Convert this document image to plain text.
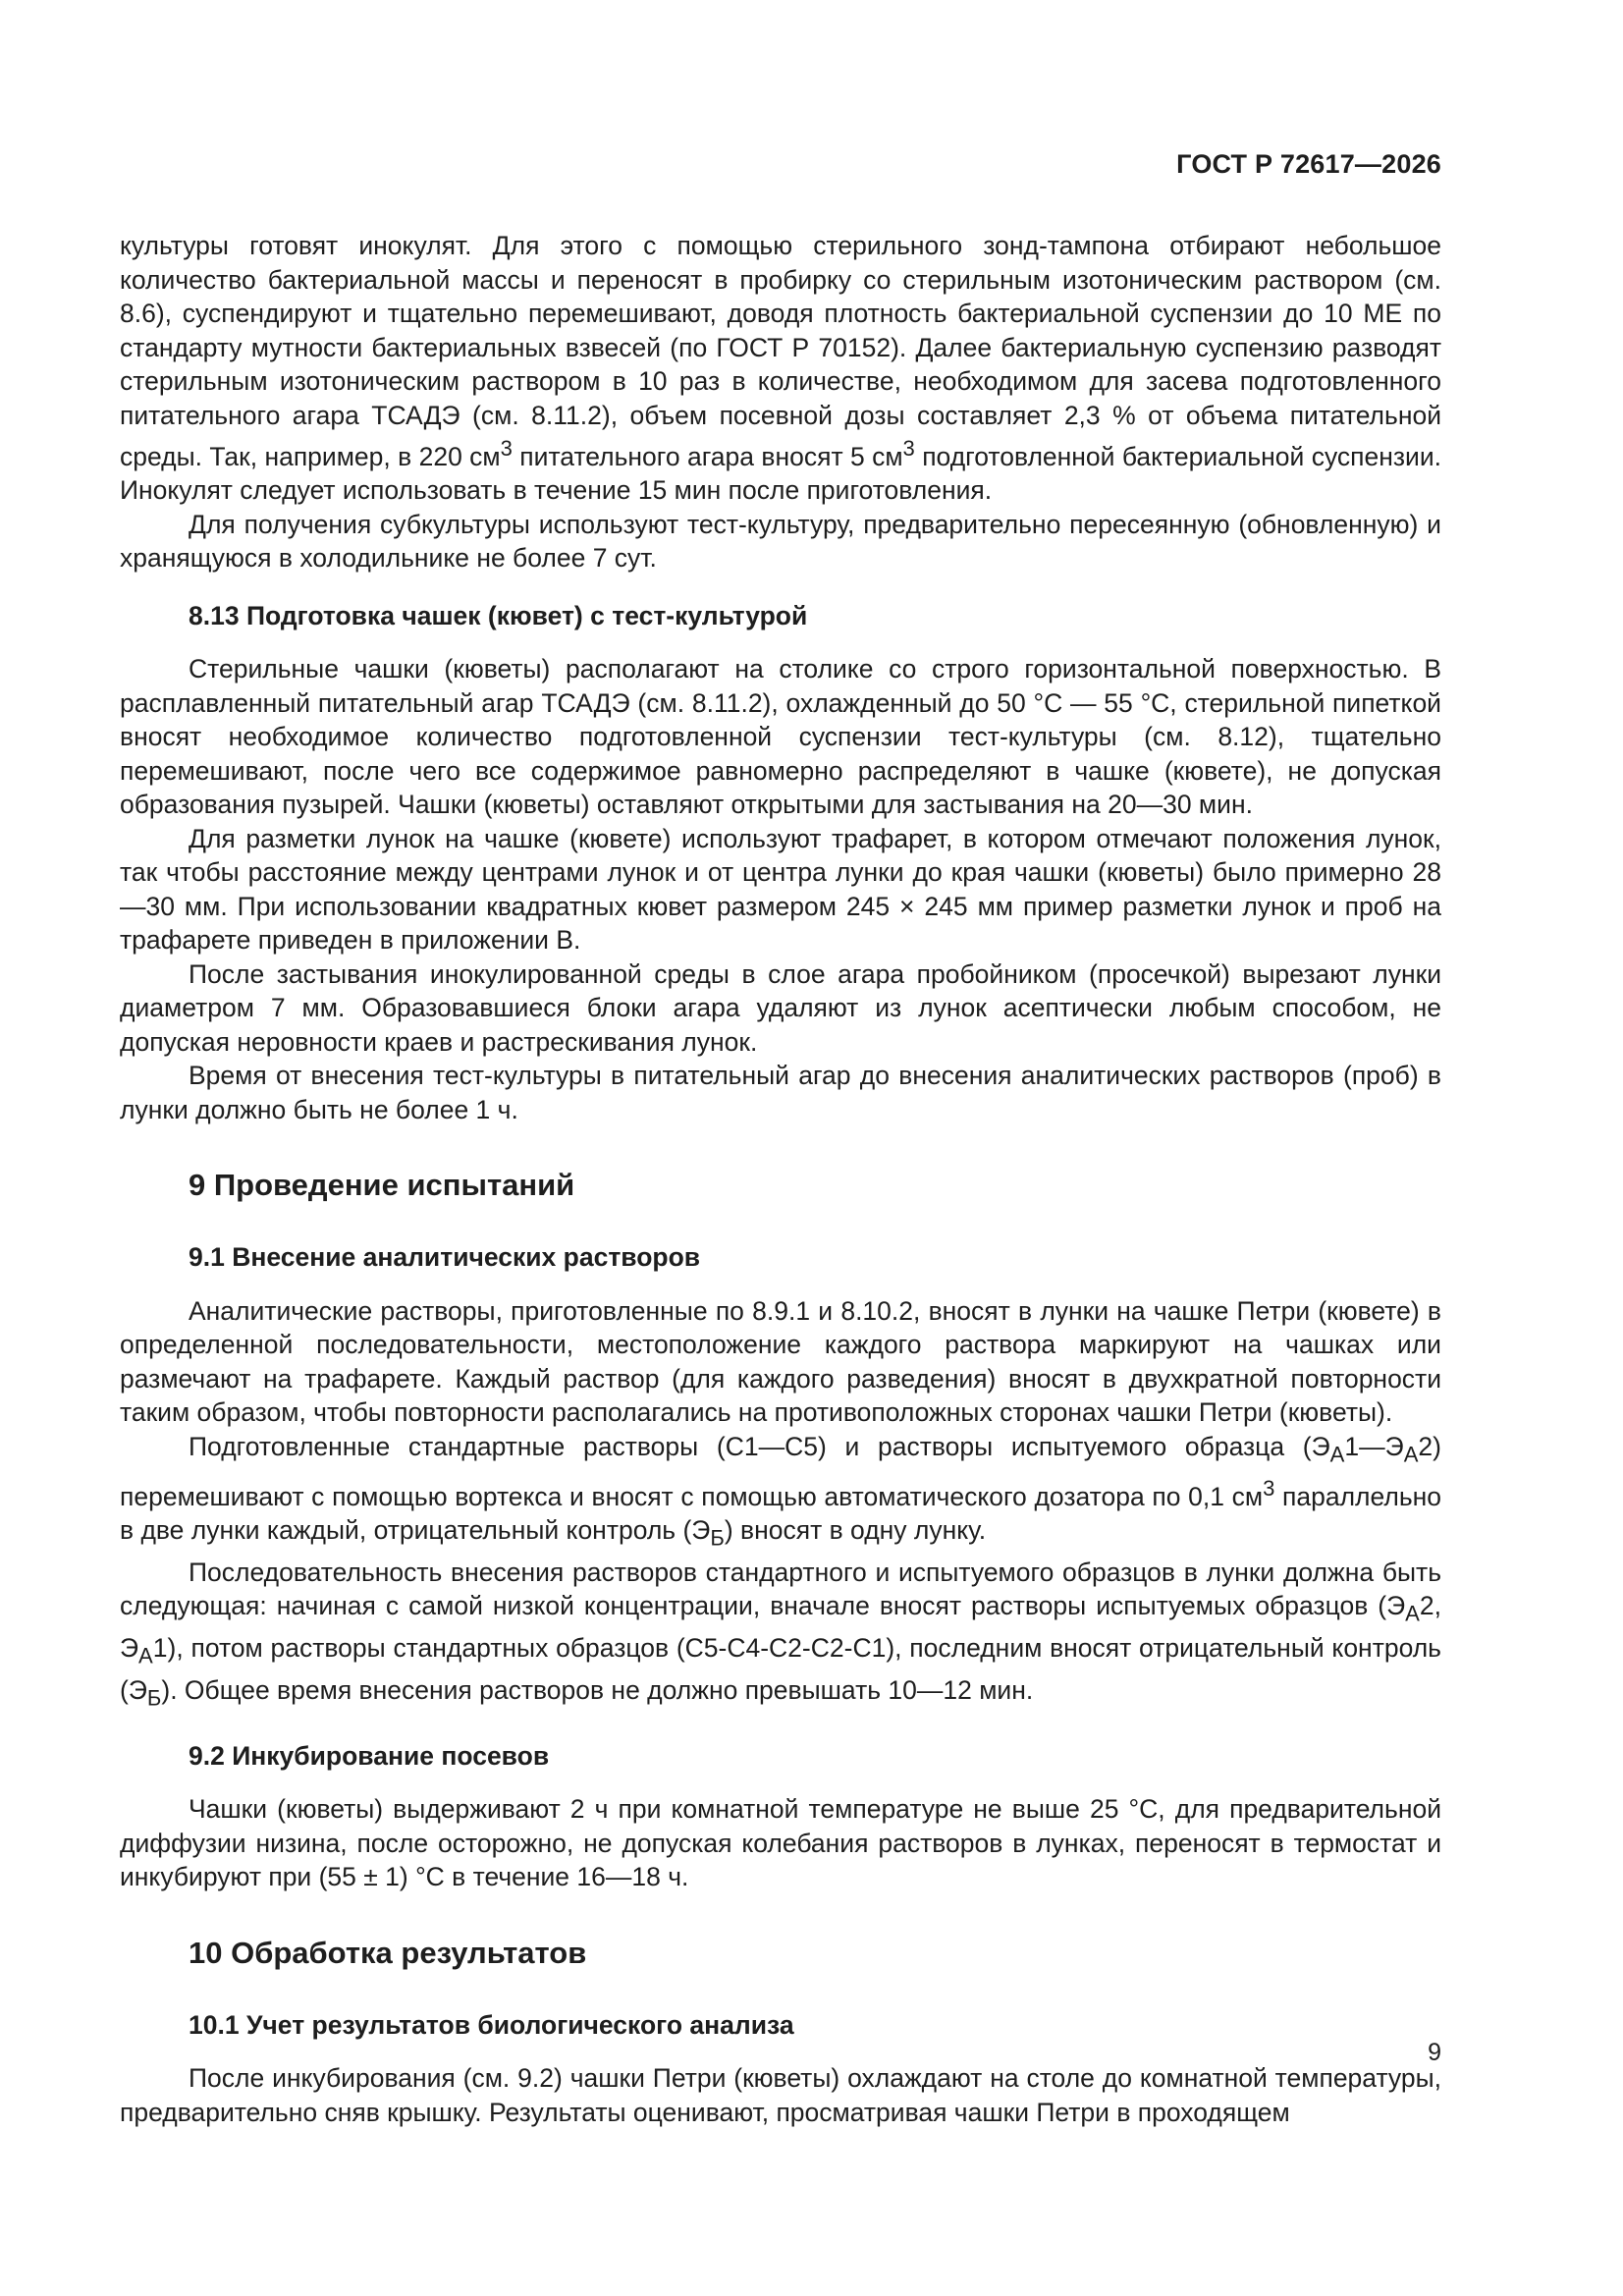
ГОСТ Р 72617—2026

культуры готовят инокулят. Для этого с помощью стерильного зонд-тампона отбирают небольшое количество бактериальной массы и переносят в пробирку со стерильным изотоническим раствором (см. 8.6), суспендируют и тщательно перемешивают, доводя плотность бактериальной суспензии до 10 МЕ по стандарту мутности бактериальных взвесей (по ГОСТ Р 70152). Далее бактериальную суспензию разводят стерильным изотоническим раствором в 10 раз в количестве, необходимом для засева подготовленного питательного агара ТСАДЭ (см. 8.11.2), объем посевной дозы составляет 2,3 % от объема питательной среды. Так, например, в 220 $см^3$ питательного агара вносят 5 $см^3$ подготовленной бактериальной суспензии. Инокулят следует использовать в течение 15 мин после приготовления.

Для получения субкультуры используют тест-культуру, предварительно пересеянную (обновленную) и хранящуюся в холодильнике не более 7 сут.

8.13 Подготовка чашек (кювет) с тест-культурой

Стерильные чашки (кюветы) располагают на столике со строго горизонтальной поверхностью. В расплавленный питательный агар ТСАДЭ (см. 8.11.2), охлажденный до 50 °C — 55 °C, стерильной пипеткой вносят необходимое количество подготовленной суспензии тест-культуры (см. 8.12), тщательно перемешивают, после чего все содержимое равномерно распределяют в чашке (кювете), не допуская образования пузырей. Чашки (кюветы) оставляют открытыми для застывания на 20—30 мин.

Для разметки лунок на чашке (кювете) используют трафарет, в котором отмечают положения лунок, так чтобы расстояние между центрами лунок и от центра лунки до края чашки (кюветы) было примерно 28—30 мм. При использовании квадратных кювет размером 245 × 245 мм пример разметки лунок и проб на трафарете приведен в приложении В.

После застывания инокулированной среды в слое агара пробойником (просечкой) вырезают лунки диаметром 7 мм. Образовавшиеся блоки агара удаляют из лунок асептически любым способом, не допуская неровности краев и растрескивания лунок.

Время от внесения тест-культуры в питательный агар до внесения аналитических растворов (проб) в лунки должно быть не более 1 ч.

9 Проведение испытаний
9.1 Внесение аналитических растворов

Аналитические растворы, приготовленные по 8.9.1 и 8.10.2, вносят в лунки на чашке Петри (кювете) в определенной последовательности, местоположение каждого раствора маркируют на чашках или размечают на трафарете. Каждый раствор (для каждого разведения) вносят в двухкратной повторности таким образом, чтобы повторности располагались на противоположных сторонах чашки Петри (кюветы).

Подготовленные стандартные растворы (С1—С5) и растворы испытуемого образца $(Э_А1—Э_А2)$ перемешивают с помощью вортекса и вносят с помощью автоматического дозатора по 0,1 $см^3$ параллельно в две лунки каждый, отрицательный контроль $(Э_Б)$ вносят в одну лунку.

Последовательность внесения растворов стандартного и испытуемого образцов в лунки должна быть следующая: начиная с самой низкой концентрации, вначале вносят растворы испытуемых образцов ($Э_А2$, $Э_А1$), потом растворы стандартных образцов (С5-С4-С2-С2-С1), последним вносят отрицательный контроль $(Э_Б)$. Общее время внесения растворов не должно превышать 10—12 мин.

9.2 Инкубирование посевов

Чашки (кюветы) выдерживают 2 ч при комнатной температуре не выше 25 °C, для предварительной диффузии низина, после осторожно, не допуская колебания растворов в лунках, переносят в термостат и инкубируют при (55 ± 1) °C в течение 16—18 ч.

10 Обработка результатов
10.1 Учет результатов биологического анализа

После инкубирования (см. 9.2) чашки Петри (кюветы) охлаждают на столе до комнатной температуры, предварительно сняв крышку. Результаты оценивают, просматривая чашки Петри в проходящем

9
